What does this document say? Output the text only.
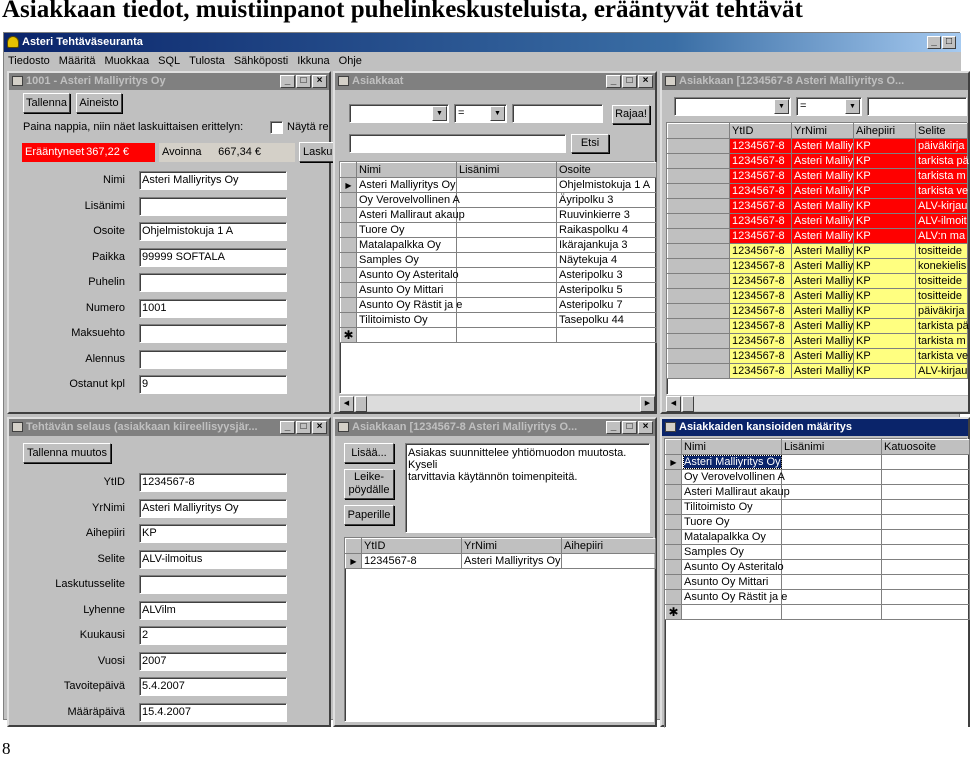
Asiakkaan tiedot, muistiinpanot puhelinkeskusteluista, erääntyvät tehtävät
Asteri Tehtäväseuranta	_ □
Tiedosto Määritä Muokkaa SQL Tulosta Sähköposti Ikkuna Ohje
1001 - Asteri Malliyritys Oy	_	□	×
Tallenna	Aineisto
Paina nappia, niin näet laskuittaisen erittelyn:	Näytä re
Erääntyneet 367,22 €	Avoinna 667,34 €	Lasku
Nimi Asteri Malliyritys Oy
Lisänimi
Osoite Ohjelmistokuja 1 A
Paikka 99999 SOFTALA
Puhelin
Numero 1001
Maksuehto
Alennus
Ostanut kpl 9
Asiakkaat	_	□	×
▼	=	▼	Rajaa!
Etsi
	Nimi	Lisänimi	Osoite
▶	Asteri Malliyritys Oy		Ohjelmistokuja 1 A
	Oy Verovelvollinen A		Äyripolku 3
	Asteri Malliraut akaup		Ruuvinkierre 3
	Tuore Oy		Raikaspolku 4
	Matalapalkka Oy		Ikärajankuja 3
	Samples Oy		Näytekuja 4
	Asunto Oy Asteritalo		Asteripolku 3
	Asunto Oy Mittari		Asteripolku 5
	Asunto Oy Rästit ja e		Asteripolku 7
	Tilitoimisto Oy		Tasepolku 44
✱			
◀	▶
Asiakkaan [1234567-8 Asteri Malliyritys O...
▼	=	▼
	YtID	YrNimi	Aihepiiri	Selite
	1234567-8	Asteri Malliy	KP	päiväkirja
	1234567-8	Asteri Malliy	KP	tarkista pä
	1234567-8	Asteri Malliy	KP	tarkista m
	1234567-8	Asteri Malliy	KP	tarkista ve
	1234567-8	Asteri Malliy	KP	ALV-kirjau
	1234567-8	Asteri Malliy	KP	ALV-ilmoit
	1234567-8	Asteri Malliy	KP	ALV:n ma
	1234567-8	Asteri Malliy	KP	tositteide
	1234567-8	Asteri Malliy	KP	konekielis
	1234567-8	Asteri Malliy	KP	tositteide
	1234567-8	Asteri Malliy	KP	tositteide
	1234567-8	Asteri Malliy	KP	päiväkirja
	1234567-8	Asteri Malliy	KP	tarkista pä
	1234567-8	Asteri Malliy	KP	tarkista m
	1234567-8	Asteri Malliy	KP	tarkista ve
	1234567-8	Asteri Malliy	KP	ALV-kirjau
◀
Tehtävän selaus (asiakkaan kiireellisyysjär...	_	□	×
Tallenna muutos
YtID 1234567-8
YrNimi Asteri Malliyritys Oy
Aihepiiri KP
Selite ALV-ilmoitus
Laskutusselite
Lyhenne ALVilm
Kuukausi 2
Vuosi 2007
Tavoitepäivä 5.4.2007
Määräpäivä 15.4.2007
Asiakkaan [1234567-8 Asteri Malliyritys O...	_	□	×
Lisää...
Leike-
pöydälle
Paperille
Asiakas suunnittelee yhtiömuodon muutosta. Kyseli
tarvittavia käytännön toimenpiteitä.
	YtID	YrNimi	Aihepiiri
▶	1234567-8	Asteri Malliyritys Oy	
Asiakkaiden kansioiden määritys
	Nimi	Lisänimi	Katuosoite
▶	Asteri Malliyritys Oy		
	Oy Verovelvollinen A		
	Asteri Malliraut akaup		
	Tilitoimisto Oy		
	Tuore Oy		
	Matalapalkka Oy		
	Samples Oy		
	Asunto Oy Asteritalo		
	Asunto Oy Mittari		
	Asunto Oy Rästit ja e		
✱			
8
